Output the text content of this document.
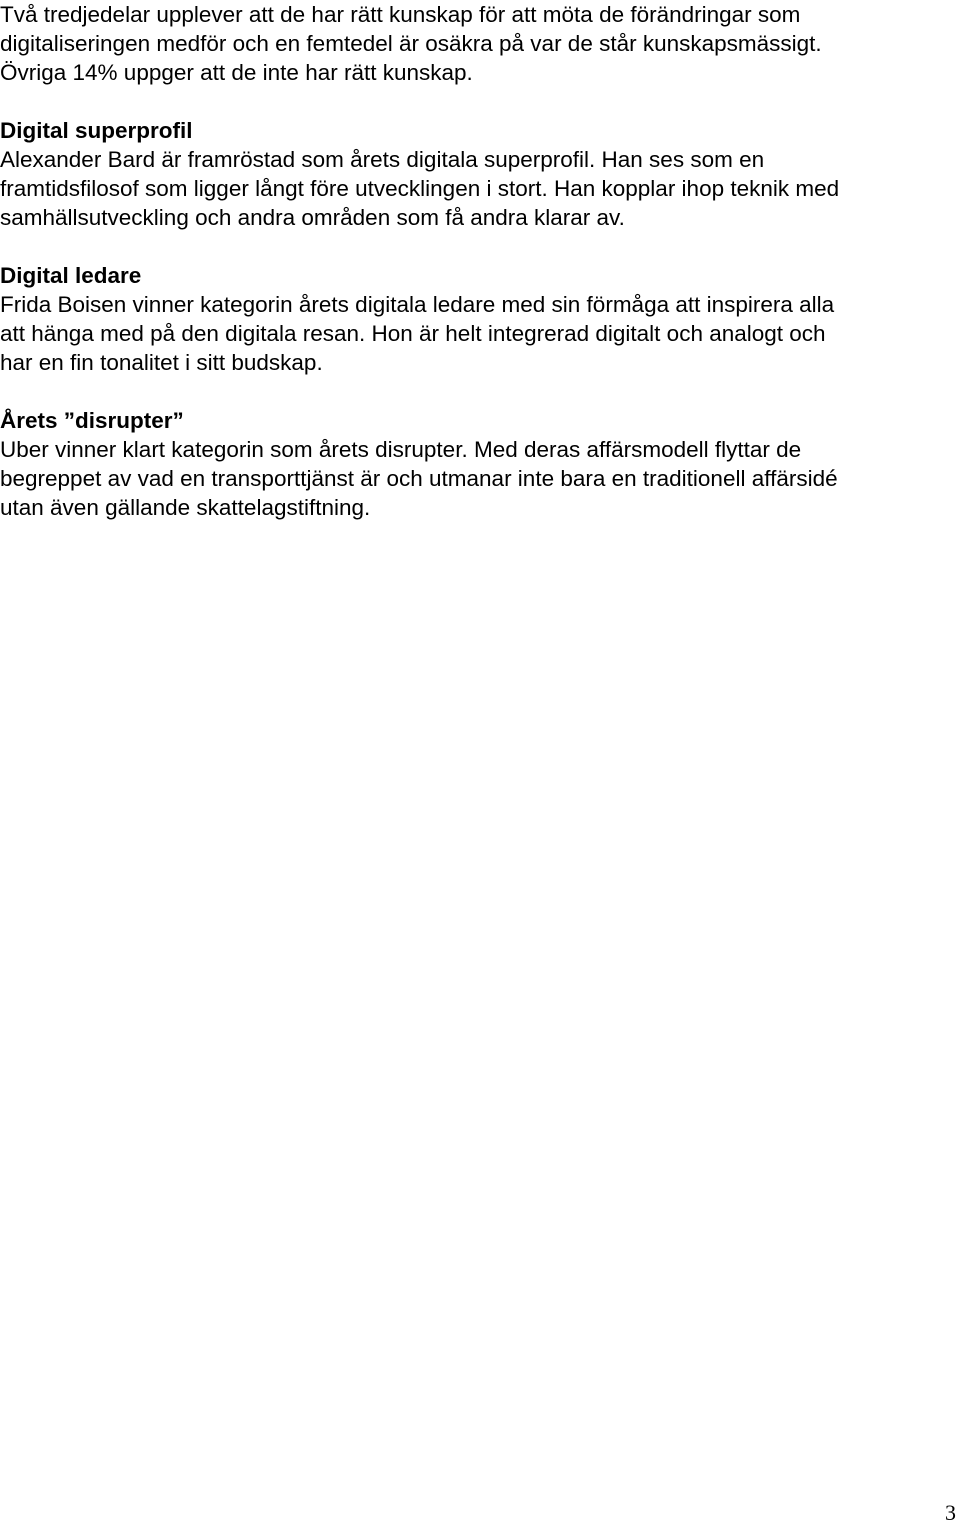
Två tredjedelar upplever att de har rätt kunskap för att möta de förändringar som
digitaliseringen medför och en femtedel är osäkra på var de står kunskapsmässigt.
Övriga 14% uppger att de inte har rätt kunskap.

Digital superprofil

Alexander Bard är framröstad som årets digitala superprofil. Han ses som en
framtidsfilosof som ligger långt före utvecklingen i stort. Han kopplar ihop teknik med
samhällsutveckling och andra områden som få andra klarar av.

Digital ledare

Frida Boisen vinner kategorin årets digitala ledare med sin förmåga att inspirera alla
att hänga med på den digitala resan. Hon är helt integrerad digitalt och analogt och
har en fin tonalitet i sitt budskap.

Årets ”disrupter”

Uber vinner klart kategorin som årets disrupter. Med deras affärsmodell flyttar de
begreppet av vad en transporttjänst är och utmanar inte bara en traditionell affärsidé
utan även gällande skattelagstiftning.

3
